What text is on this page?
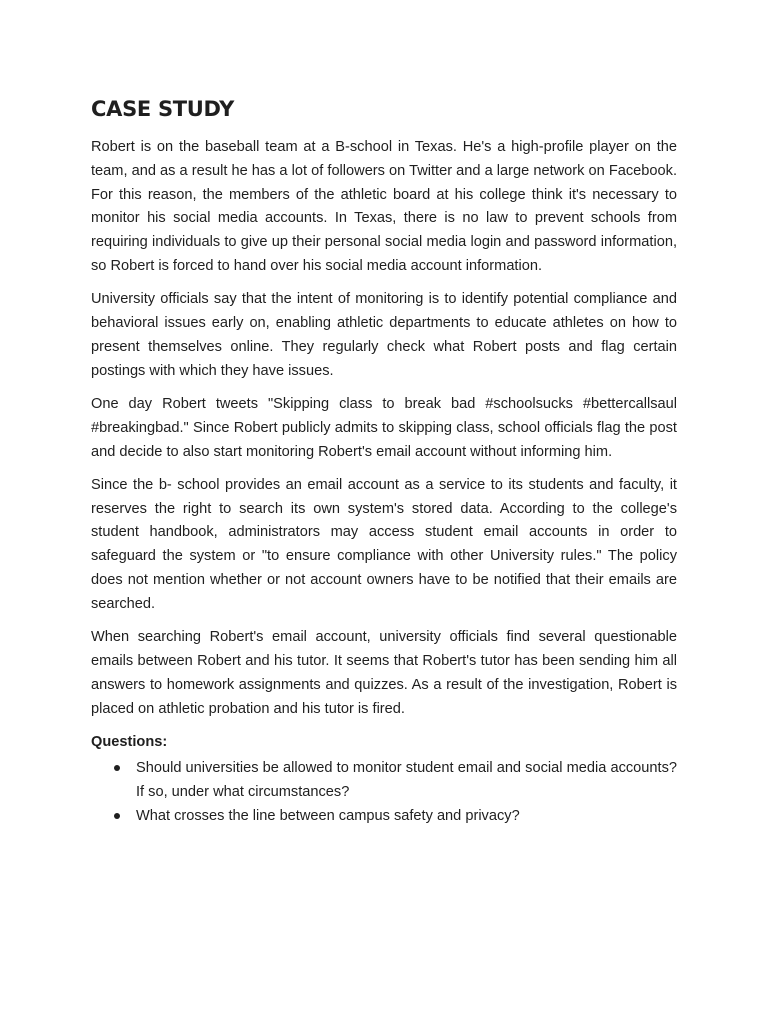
CASE STUDY

Robert is on the baseball team at a B-school in Texas. He's a high-profile player on the team, and as a result he has a lot of followers on Twitter and a large network on Facebook. For this reason, the members of the athletic board at his college think it's necessary to monitor his social media accounts. In Texas, there is no law to prevent schools from requiring individuals to give up their personal social media login and password information, so Robert is forced to hand over his social media account information.

University officials say that the intent of monitoring is to identify potential compliance and behavioral issues early on, enabling athletic departments to educate athletes on how to present themselves online. They regularly check what Robert posts and flag certain postings with which they have issues.

One day Robert tweets "Skipping class to break bad #schoolsucks #bettercallsaul #breakingbad." Since Robert publicly admits to skipping class, school officials flag the post and decide to also start monitoring Robert's email account without informing him.

Since the b- school provides an email account as a service to its students and faculty, it reserves the right to search its own system's stored data. According to the college's student handbook, administrators may access student email accounts in order to safeguard the system or "to ensure compliance with other University rules." The policy does not mention whether or not account owners have to be notified that their emails are searched.

When searching Robert's email account, university officials find several questionable emails between Robert and his tutor. It seems that Robert's tutor has been sending him all answers to homework assignments and quizzes. As a result of the investigation, Robert is placed on athletic probation and his tutor is fired.

Questions:
Should universities be allowed to monitor student email and social media accounts? If so, under what circumstances?
What crosses the line between campus safety and privacy?
